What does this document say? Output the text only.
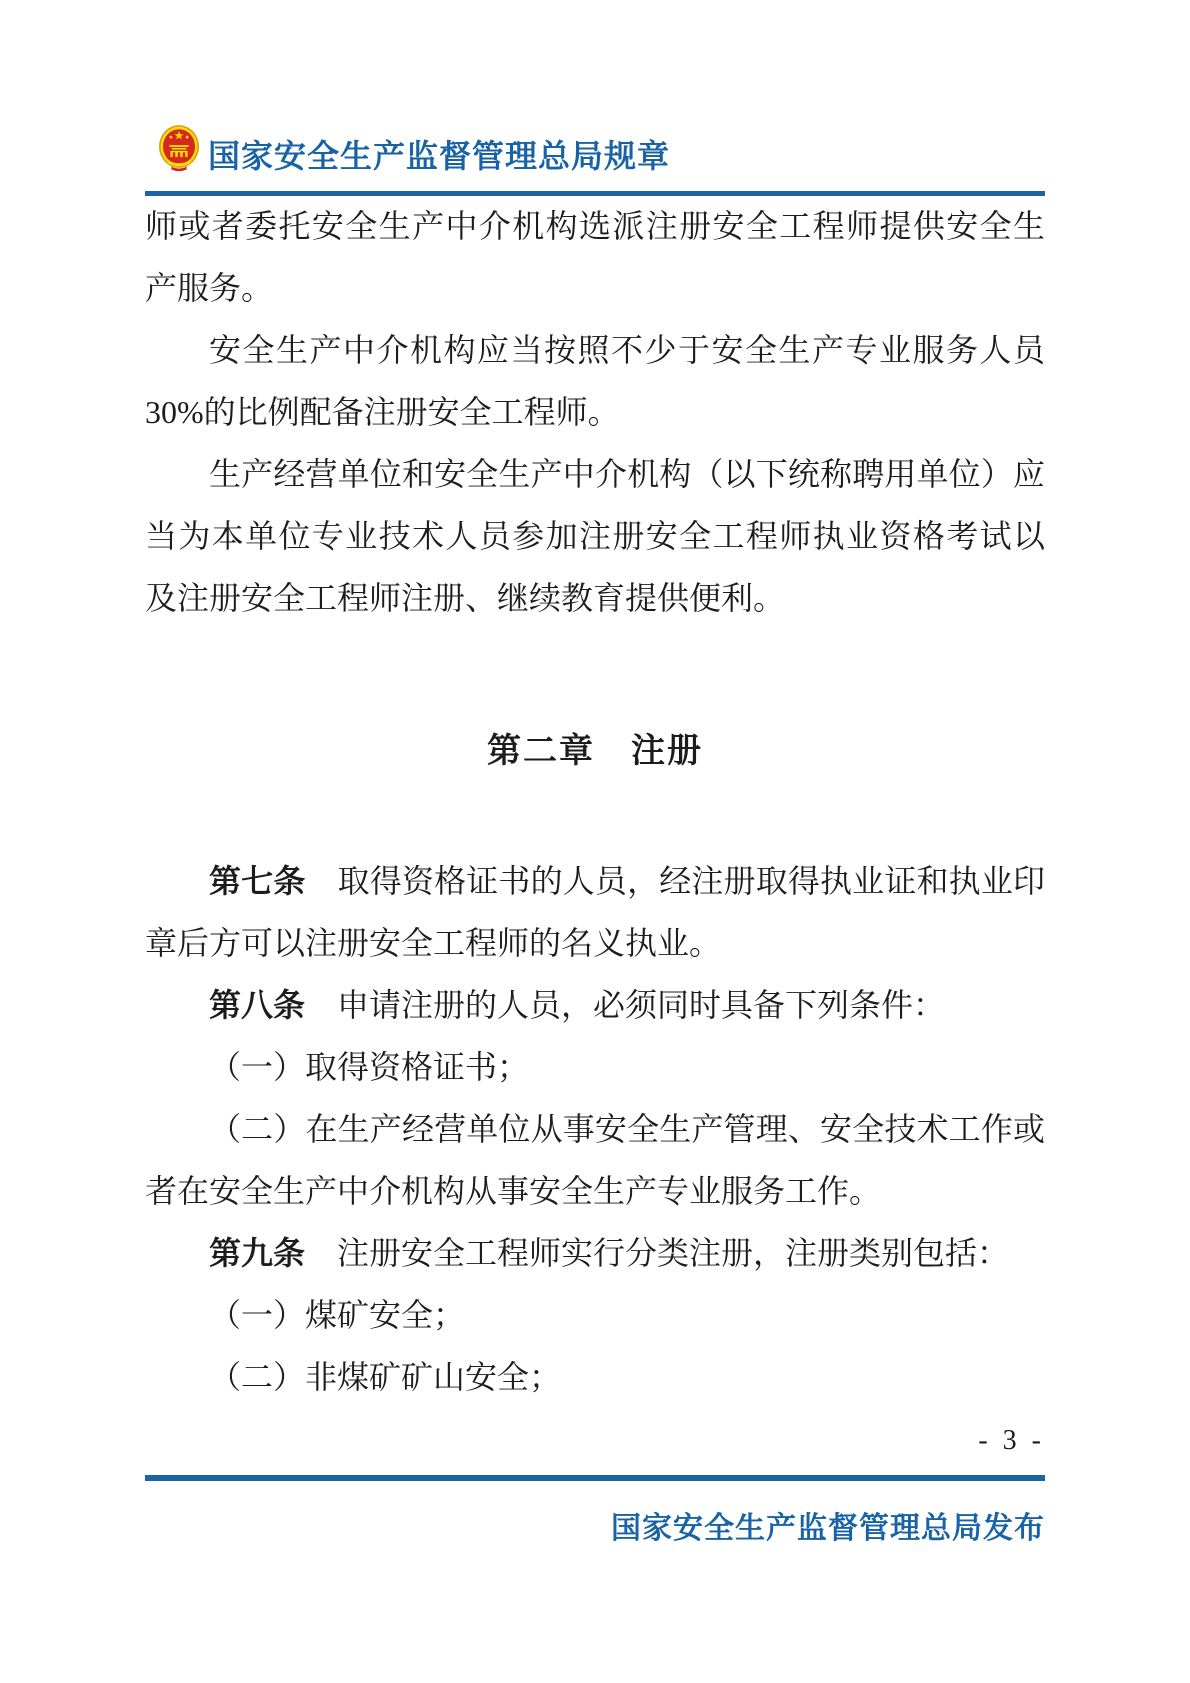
国家安全生产监督管理总局规章
师或者委托安全生产中介机构选派注册安全工程师提供安全生
产服务。
安全生产中介机构应当按照不少于安全生产专业服务人员
30%的比例配备注册安全工程师。
生产经营单位和安全生产中介机构（以下统称聘用单位）应
当为本单位专业技术人员参加注册安全工程师执业资格考试以
及注册安全工程师注册、继续教育提供便利。
第二章　注册
第七条　取得资格证书的人员，经注册取得执业证和执业印
章后方可以注册安全工程师的名义执业。
第八条　申请注册的人员，必须同时具备下列条件：
（一）取得资格证书；
（二）在生产经营单位从事安全生产管理、安全技术工作或
者在安全生产中介机构从事安全生产专业服务工作。
第九条　注册安全工程师实行分类注册，注册类别包括：
（一）煤矿安全；
（二）非煤矿矿山安全；
- 3 -
国家安全生产监督管理总局发布
